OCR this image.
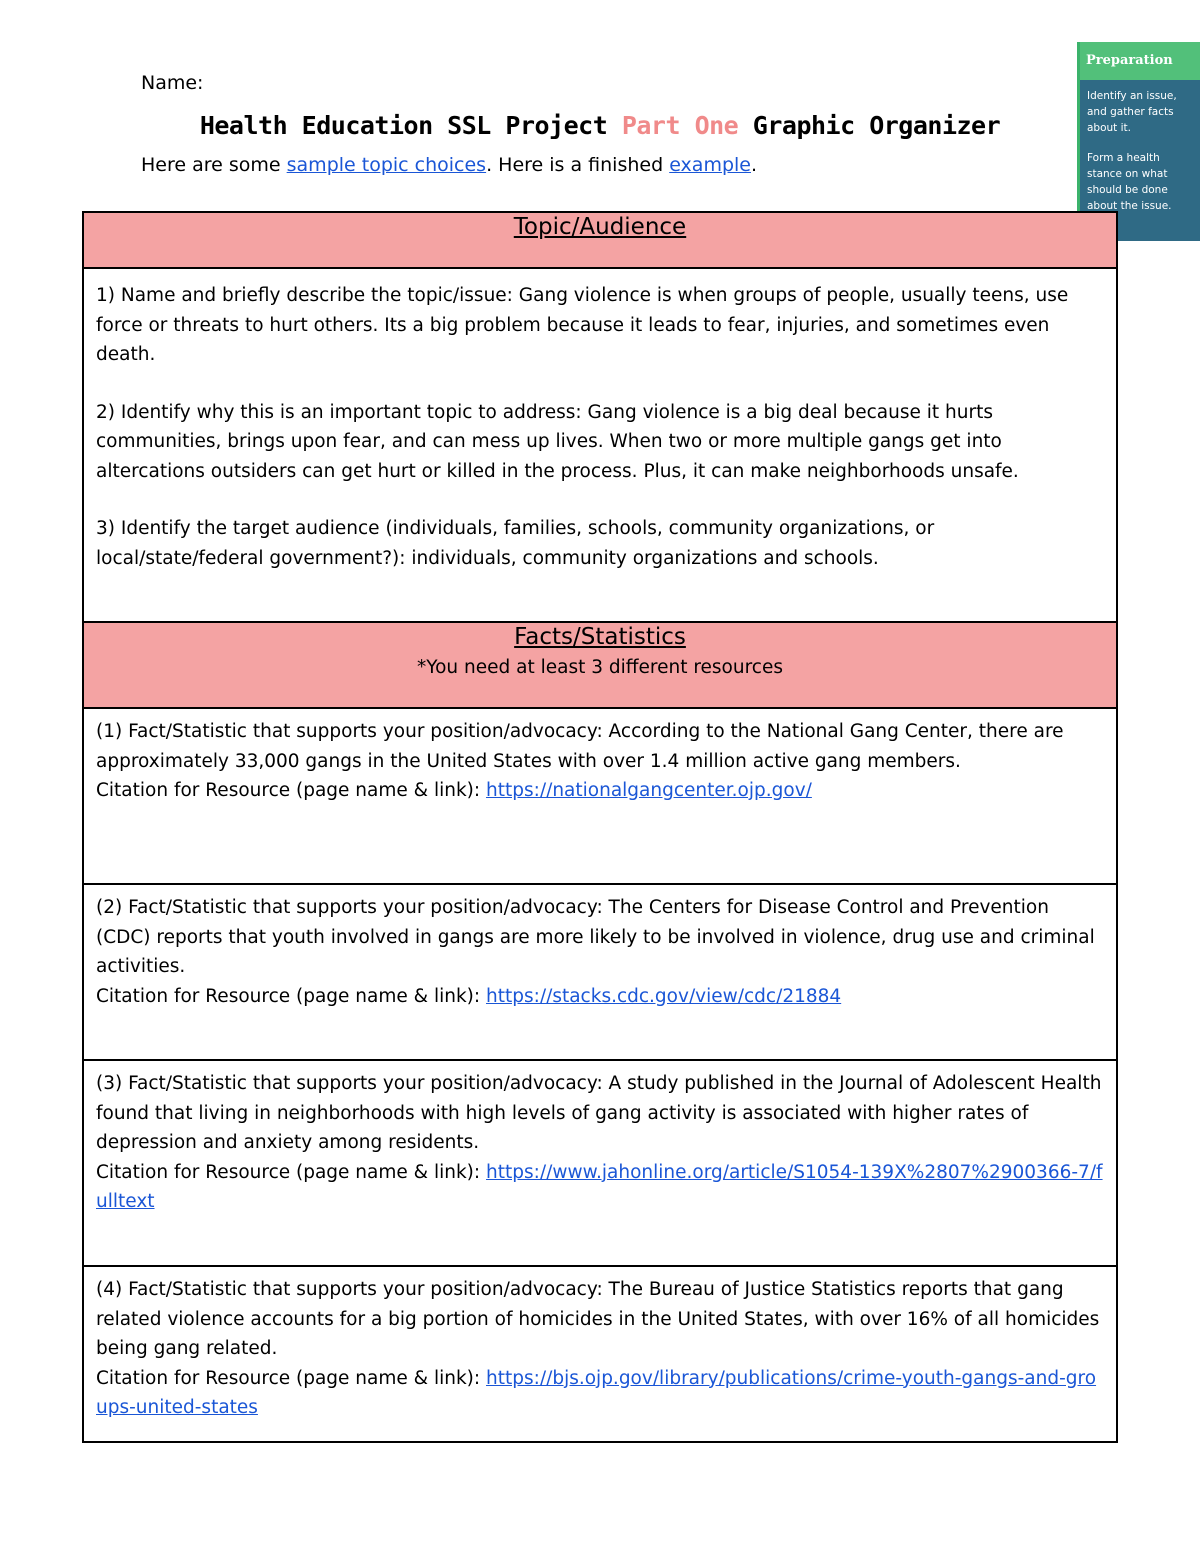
Name:
Health Education SSL Project Part One Graphic Organizer
Here are some sample topic choices. Here is a finished example.
Preparation

Identify an issue, and gather facts about it.

Form a health stance on what should be done about the issue.

Topic/Audience

1) Name and briefly describe the topic/issue: Gang violence is when groups of people, usually teens, use force or threats to hurt others. Its a big problem because it leads to fear, injuries, and sometimes even death.

2) Identify why this is an important topic to address: Gang violence is a big deal because it hurts communities, brings upon fear, and can mess up lives. When two or more multiple gangs get into altercations outsiders can get hurt or killed in the process. Plus, it can make neighborhoods unsafe.

3) Identify the target audience (individuals, families, schools, community organizations, or local/state/federal government?): individuals, community organizations and schools.

Facts/Statistics
*You need at least 3 different resources

(1) Fact/Statistic that supports your position/advocacy: According to the National Gang Center, there are approximately 33,000 gangs in the United States with over 1.4 million active gang members.
Citation for Resource (page name & link): https://nationalgangcenter.ojp.gov/

(2) Fact/Statistic that supports your position/advocacy: The Centers for Disease Control and Prevention (CDC) reports that youth involved in gangs are more likely to be involved in violence, drug use and criminal activities.
Citation for Resource (page name & link): https://stacks.cdc.gov/view/cdc/21884

(3) Fact/Statistic that supports your position/advocacy: A study published in the Journal of Adolescent Health found that living in neighborhoods with high levels of gang activity is associated with higher rates of depression and anxiety among residents.
Citation for Resource (page name & link): https://www.jahonline.org/article/S1054-139X%2807%2900366-7/fulltext

(4) Fact/Statistic that supports your position/advocacy: The Bureau of Justice Statistics reports that gang related violence accounts for a big portion of homicides in the United States, with over 16% of all homicides being gang related.
Citation for Resource (page name & link): https://bjs.ojp.gov/library/publications/crime-youth-gangs-and-groups-united-states
